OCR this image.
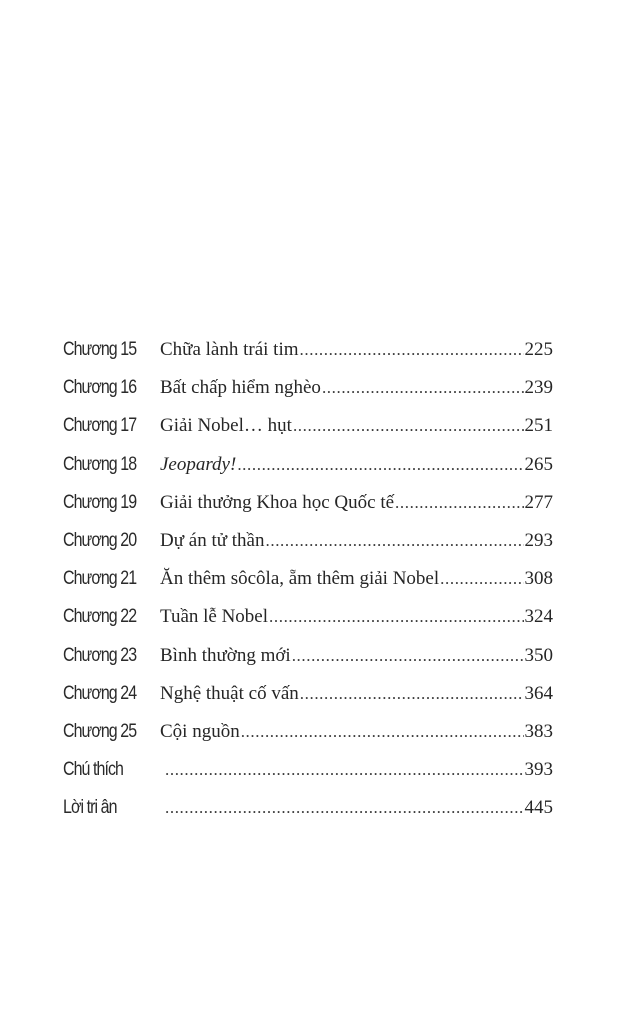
Chương 15	Chữa lành trái tim .....	225
Chương 16	Bất chấp hiểm nghèo .....	239
Chương 17	Giải Nobel… hụt .....	251
Chương 18	Jeopardy! .....	265
Chương 19	Giải thưởng Khoa học Quốc tế .....	277
Chương 20	Dự án tử thần .....	293
Chương 21	Ăn thêm sôcôla, ẵm thêm giải Nobel .....	308
Chương 22	Tuần lễ Nobel .....	324
Chương 23	Bình thường mới .....	350
Chương 24	Nghệ thuật cố vấn .....	364
Chương 25	Cội nguồn .....	383
Chú thích .....	393
Lời tri ân .....	445
